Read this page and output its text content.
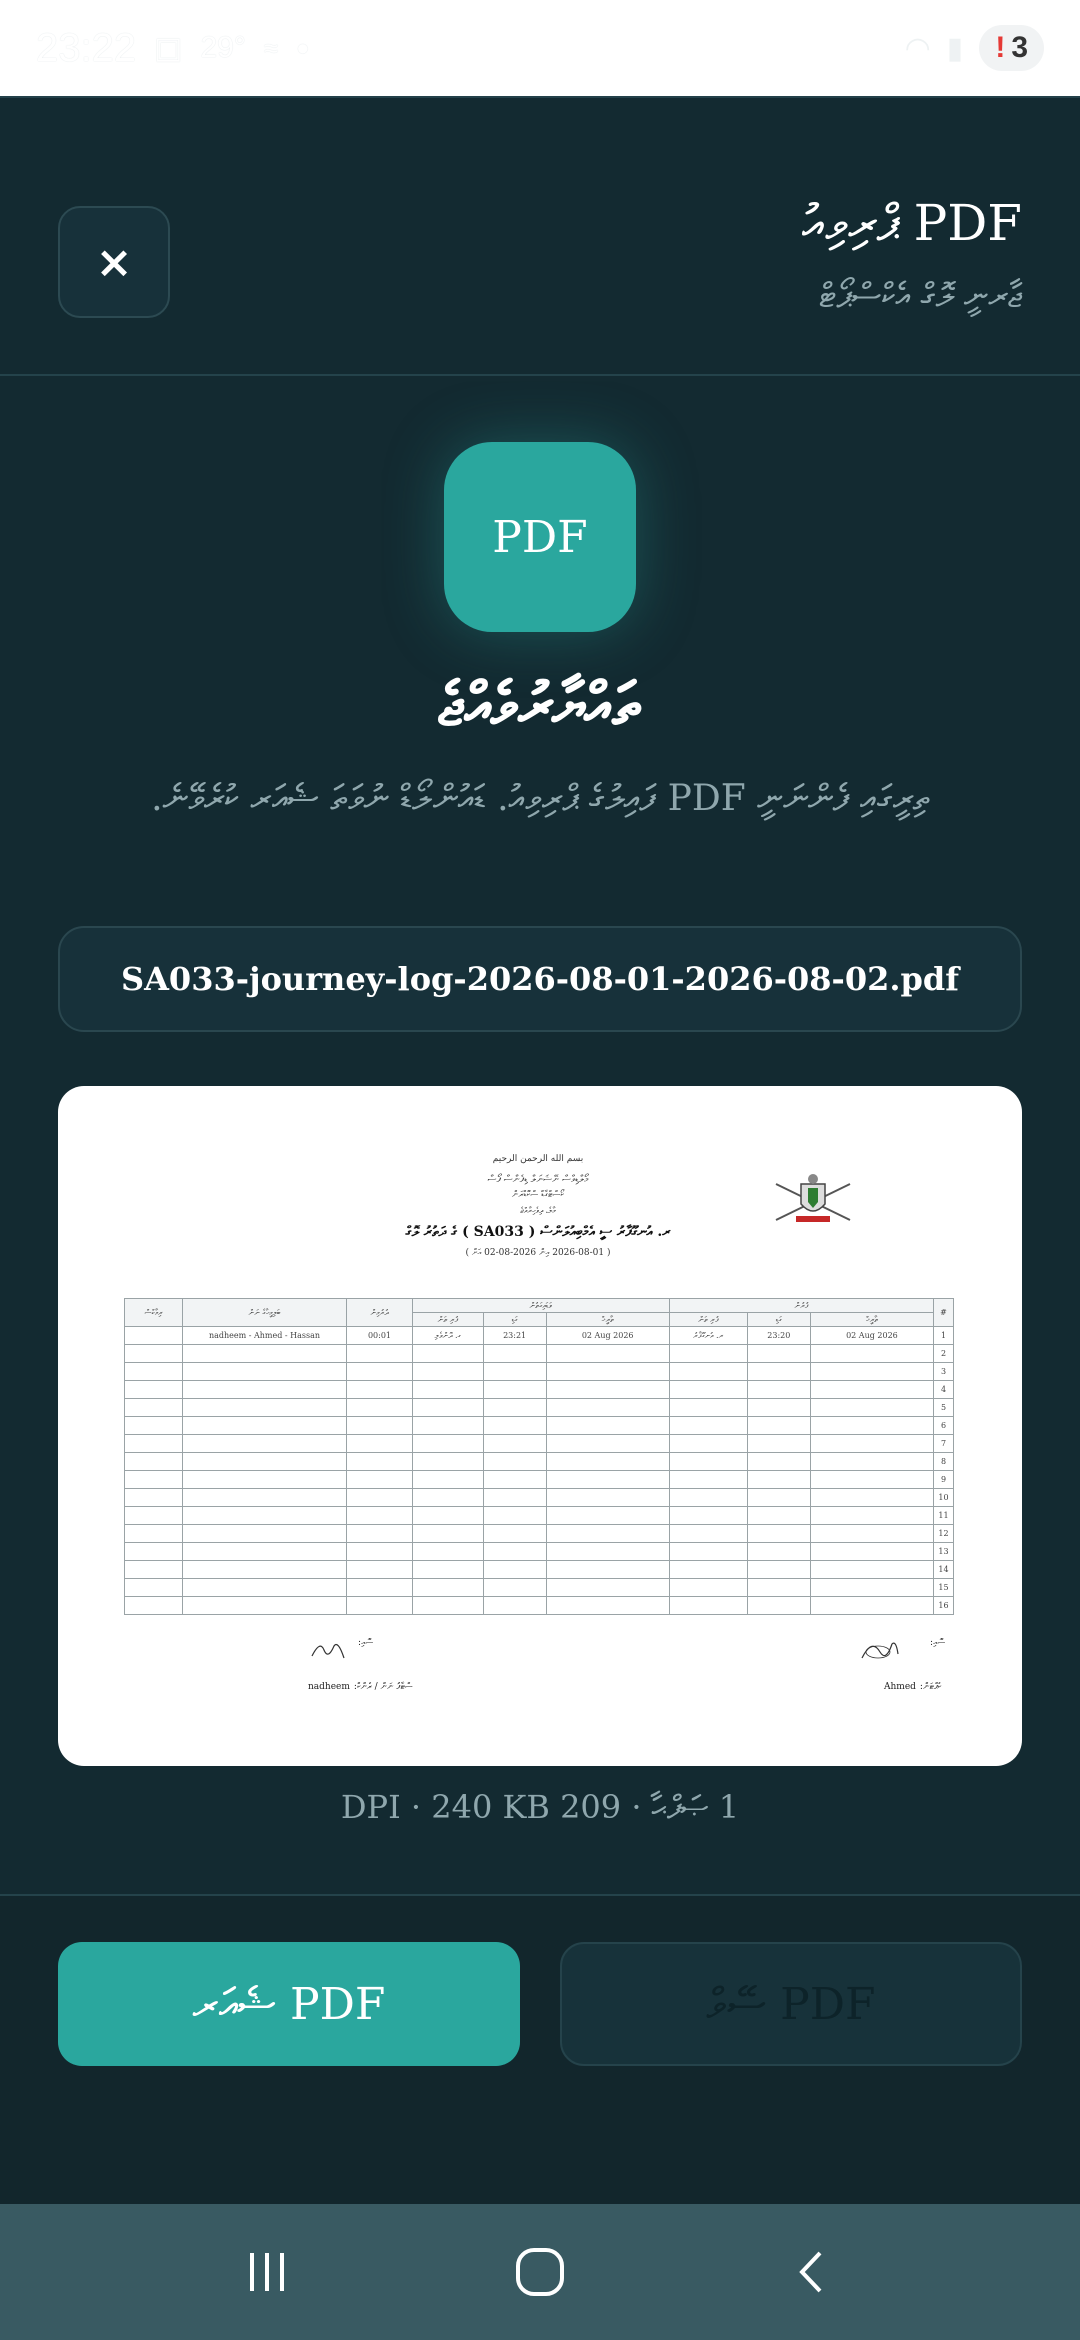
23:22 ▣ 29° ≈ ●	◠ ▮ ! 3
×
PDF ޕްރިވިއު
ޖާރނީ ލޮގް އެކްސްޕޯޓް
PDF
ތައްޔާރުވެއްޖެ
ތިރީގައި ފެންނަނީ PDF ފައިލުގެ ޕްރިވިއު. ޑައުންލޯޑް ނުވަތަ ޝެއަރ ކުރެވޭނެ.
SA033-journey-log-2026-08-01-2026-08-02.pdf
بسم الله الرحمن الرحيم
މޯލްޑިވްސް ނޭޝަނަލް ޑިފެންސް ފޯސް
ކޯސްޓްގާޑް ސްކޮޑްރަން
މާލެ، ދިވެހިރާއްޖެ
ރ. އުނގޫފާރު ސީ އެމްބިއުލަންސް ( SA033 ) ގެ ދަތުރު ލޮގް
( 2026-08-01 އިން 2026-08-02 އަށް )
ރިމާކްސް	ބަލިމީހާގެ ނަން	ދުރުމިން	ވަޑައިގަތުން			ފުރުން			#
			ފުރި ތަން	ގަޑި	ތާރީޚް	ފުރި ތަން	ގަޑި	ތާރީޚް	
	nadheem - Ahmed - Hassan	00:01	ގ. ދޮންވެލި	23:21	02 Aug 2026	ރ. އުނގޫފާރު	23:20	02 Aug 2026	1
									2
									3
									4
									5
									6
									7
									8
									9
									10
									11
									12
									13
									14
									15
									16
ސޮއި:	ސޮއި:
nadheem ސްޓާފު ނަން / ރެންކް:	Ahmed ކެޕްޓަން:
1 ޞަފްޙާ · 209 DPI · 240 KB
PDF ޝެއަރ	PDF ސޭވް
